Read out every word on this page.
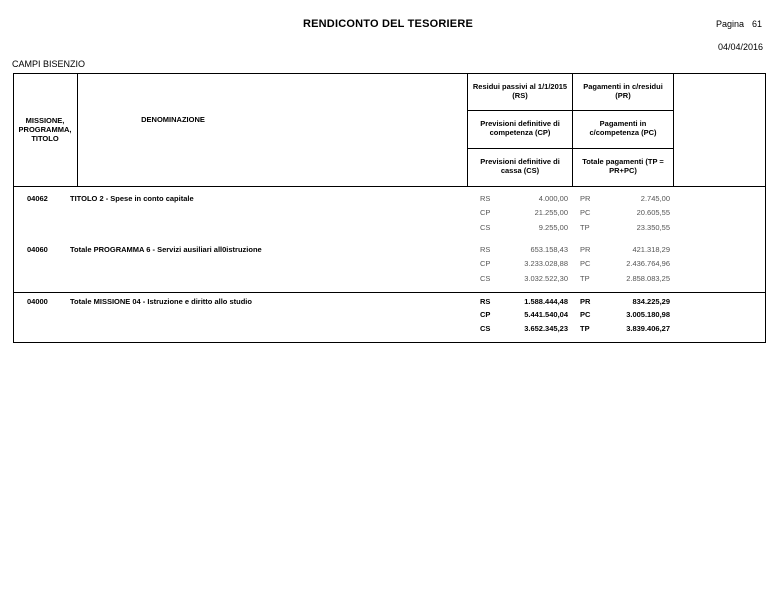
RENDICONTO DEL TESORIERE	Pagina 61
04/04/2016
CAMPI BISENZIO
MISSIONE, PROGRAMMA, TITOLO
DENOMINAZIONE
Residui passivi al 1/1/2015 (RS)
Pagamenti in c/residui (PR)
Previsioni definitive di competenza (CP)
Pagamenti in c/competenza (PC)
Previsioni definitive di cassa (CS)
Totale pagamenti (TP = PR+PC)
04062	TITOLO 2 - Spese in conto capitale	RS	4.000,00 PR	2.745,00
CP	21.255,00 PC	20.605,55
CS	9.255,00 TP	23.350,55
04060	Totale PROGRAMMA 6 - Servizi ausiliari all0istruzione	RS	653.158,43 PR	421.318,29
CP	3.233.028,88 PC	2.436.764,96
CS	3.032.522,30 TP	2.858.083,25
04000	Totale MISSIONE 04 - Istruzione e diritto allo studio	RS	1.588.444,48 PR	834.225,29
CP	5.441.540,04 PC	3.005.180,98
CS	3.652.345,23 TP	3.839.406,27
